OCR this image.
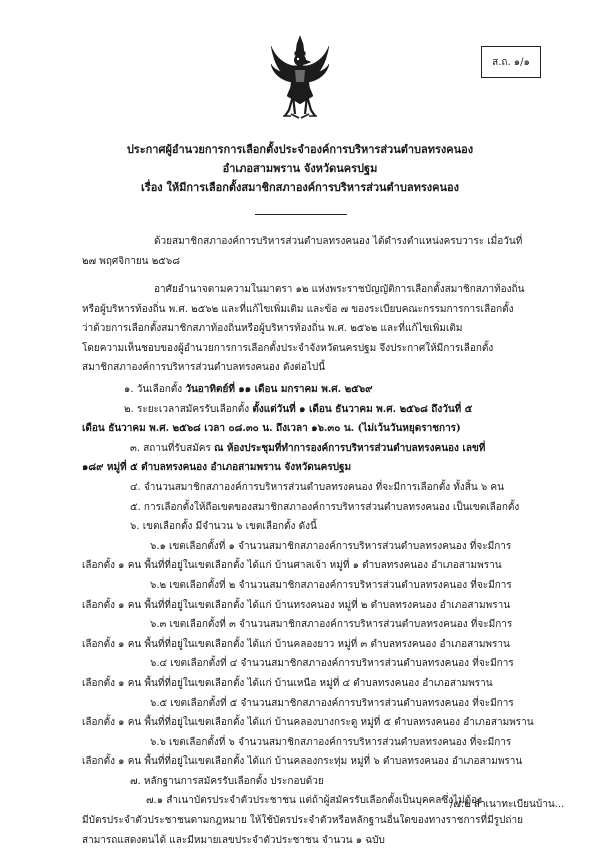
ส.ถ. ๑/๑
ประกาศผู้อำนวยการการเลือกตั้งประจำองค์การบริหารส่วนตำบลทรงคนอง
อำเภอสามพราน จังหวัดนครปฐม
เรื่อง ให้มีการเลือกตั้งสมาชิกสภาองค์การบริหารส่วนตำบลทรงคนอง
ด้วยสมาชิกสภาองค์การบริหารส่วนตำบลทรงคนอง ได้ดำรงตำแหน่งครบวาระ เมื่อวันที่
๒๗ พฤศจิกายน ๒๕๖๘
อาศัยอำนาจตามความในมาตรา ๑๒ แห่งพระราชบัญญัติการเลือกตั้งสมาชิกสภาท้องถิ่น
หรือผู้บริหารท้องถิ่น พ.ศ. ๒๕๖๒ และที่แก้ไขเพิ่มเติม และข้อ ๗ ของระเบียบคณะกรรมการการเลือกตั้ง
ว่าด้วยการเลือกตั้งสมาชิกสภาท้องถิ่นหรือผู้บริหารท้องถิ่น พ.ศ. ๒๕๖๒ และที่แก้ไขเพิ่มเติม
โดยความเห็นชอบของผู้อำนวยการการเลือกตั้งประจำจังหวัดนครปฐม จึงประกาศให้มีการเลือกตั้ง
สมาชิกสภาองค์การบริหารส่วนตำบลทรงคนอง ดังต่อไปนี้
๑. วันเลือกตั้ง วันอาทิตย์ที่ ๑๑ เดือน มกราคม พ.ศ. ๒๕๖๙
๒. ระยะเวลาสมัครรับเลือกตั้ง ตั้งแต่วันที่ ๑ เดือน ธันวาคม พ.ศ. ๒๕๖๘ ถึงวันที่ ๕
เดือน ธันวาคม พ.ศ. ๒๕๖๘ เวลา ๐๘.๓๐ น. ถึงเวลา ๑๖.๓๐ น. (ไม่เว้นวันหยุดราชการ)
๓. สถานที่รับสมัคร ณ ห้องประชุมที่ทำการองค์การบริหารส่วนตำบลทรงคนอง เลขที่
๑๘๙ หมู่ที่ ๕ ตำบลทรงคนอง อำเภอสามพราน จังหวัดนครปฐม
๔. จำนวนสมาชิกสภาองค์การบริหารส่วนตำบลทรงคนอง ที่จะมีการเลือกตั้ง ทั้งสิ้น ๖ คน
๕. การเลือกตั้งให้ถือเขตของสมาชิกสภาองค์การบริหารส่วนตำบลทรงคนอง เป็นเขตเลือกตั้ง
๖. เขตเลือกตั้ง มีจำนวน ๖ เขตเลือกตั้ง ดังนี้
๖.๑ เขตเลือกตั้งที่ ๑ จำนวนสมาชิกสภาองค์การบริหารส่วนตำบลทรงคนอง ที่จะมีการ
เลือกตั้ง ๑ คน พื้นที่ที่อยู่ในเขตเลือกตั้ง ได้แก่ บ้านศาลเจ้า หมู่ที่ ๑ ตำบลทรงคนอง อำเภอสามพราน
๖.๒ เขตเลือกตั้งที่ ๒ จำนวนสมาชิกสภาองค์การบริหารส่วนตำบลทรงคนอง ที่จะมีการ
เลือกตั้ง ๑ คน พื้นที่ที่อยู่ในเขตเลือกตั้ง ได้แก่ บ้านทรงคนอง หมู่ที่ ๒ ตำบลทรงคนอง อำเภอสามพราน
๖.๓ เขตเลือกตั้งที่ ๓ จำนวนสมาชิกสภาองค์การบริหารส่วนตำบลทรงคนอง ที่จะมีการ
เลือกตั้ง ๑ คน พื้นที่ที่อยู่ในเขตเลือกตั้ง ได้แก่ บ้านคลองยาว หมู่ที่ ๓ ตำบลทรงคนอง อำเภอสามพราน
๖.๔ เขตเลือกตั้งที่ ๔ จำนวนสมาชิกสภาองค์การบริหารส่วนตำบลทรงคนอง ที่จะมีการ
เลือกตั้ง ๑ คน พื้นที่ที่อยู่ในเขตเลือกตั้ง ได้แก่ บ้านเหนือ หมู่ที่ ๔ ตำบลทรงคนอง อำเภอสามพราน
๖.๕ เขตเลือกตั้งที่ ๕ จำนวนสมาชิกสภาองค์การบริหารส่วนตำบลทรงคนอง ที่จะมีการ
เลือกตั้ง ๑ คน พื้นที่ที่อยู่ในเขตเลือกตั้ง ได้แก่ บ้านคลองบางกระดู หมู่ที่ ๕ ตำบลทรงคนอง อำเภอสามพราน
๖.๖ เขตเลือกตั้งที่ ๖ จำนวนสมาชิกสภาองค์การบริหารส่วนตำบลทรงคนอง ที่จะมีการ
เลือกตั้ง ๑ คน พื้นที่ที่อยู่ในเขตเลือกตั้ง ได้แก่ บ้านคลองกระทุ่ม หมู่ที่ ๖ ตำบลทรงคนอง อำเภอสามพราน
๗. หลักฐานการสมัครรับเลือกตั้ง ประกอบด้วย
๗.๑ สำเนาบัตรประจำตัวประชาชน แต่ถ้าผู้สมัครรับเลือกตั้งเป็นบุคคลซึ่งไม่ต้อง
มีบัตรประจำตัวประชาชนตามกฎหมาย ให้ใช้บัตรประจำตัวหรือหลักฐานอื่นใดของทางราชการที่มีรูปถ่าย
สามารถแสดงตนได้ และมีหมายเลขประจำตัวประชาชน จำนวน ๑ ฉบับ
/๗.๒ สำเนาทะเบียนบ้าน...
